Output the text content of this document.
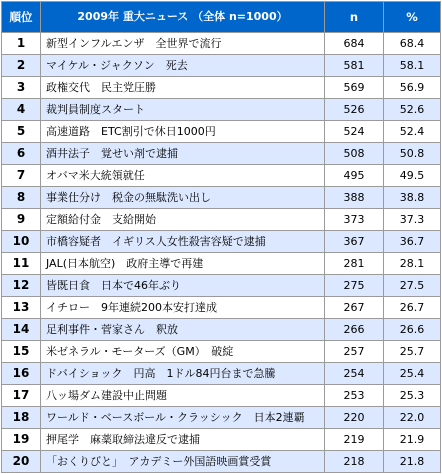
順位	2009年 重大ニュース （全体 n=1000）	n	%
1	新型インフルエンザ　全世界で流行	684	68.4
2	マイケル・ジャクソン　死去	581	58.1
3	政権交代　民主党圧勝	569	56.9
4	裁判員制度スタート	526	52.6
5	高速道路　ETC割引で休日1000円	524	52.4
6	酒井法子　覚せい剤で逮捕	508	50.8
7	オバマ米大統領就任	495	49.5
8	事業仕分け　税金の無駄洗い出し	388	38.8
9	定額給付金　支給開始	373	37.3
10	市橋容疑者　イギリス人女性殺害容疑で逮捕	367	36.7
11	JAL(日本航空)　政府主導で再建	281	28.1
12	皆既日食　日本で46年ぶり	275	27.5
13	イチロー　9年連続200本安打達成	267	26.7
14	足利事件・菅家さん　釈放	266	26.6
15	米ゼネラル・モーターズ（GM）　破綻	257	25.7
16	ドバイショック　円高　1ドル84円台まで急騰	254	25.4
17	八ッ場ダム建設中止問題	253	25.3
18	ワールド・ベースボール・クラッシック　日本2連覇	220	22.0
19	押尾学　麻薬取締法違反で逮捕	219	21.9
20	「おくりびと」　アカデミー外国語映画賞受賞	218	21.8
